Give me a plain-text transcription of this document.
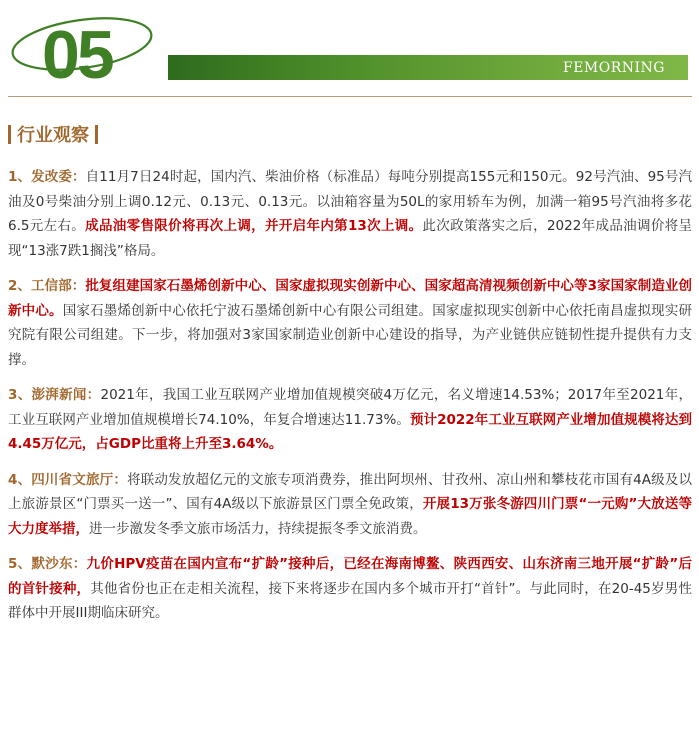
05	FEMORNING
行业观察

1、发改委：自11月7日24时起，国内汽、柴油价格（标准品）每吨分别提高155元和150元。92号汽油、95号汽油及0号柴油分别上调0.12元、0.13元、0.13元。以油箱容量为50L的家用轿车为例，加满一箱95号汽油将多花6.5元左右。成品油零售限价将再次上调，并开启年内第13次上调。此次政策落实之后，2022年成品油调价将呈现“13涨7跌1搁浅”格局。

2、工信部：批复组建国家石墨烯创新中心、国家虚拟现实创新中心、国家超高清视频创新中心等3家国家制造业创新中心。国家石墨烯创新中心依托宁波石墨烯创新中心有限公司组建。国家虚拟现实创新中心依托南昌虚拟现实研究院有限公司组建。下一步，将加强对3家国家制造业创新中心建设的指导，为产业链供应链韧性提升提供有力支撑。

3、澎湃新闻：2021年，我国工业互联网产业增加值规模突破4万亿元，名义增速14.53%；2017年至2021年，工业互联网产业增加值规模增长74.10%，年复合增速达11.73%。预计2022年工业互联网产业增加值规模将达到4.45万亿元，占GDP比重将上升至3.64%。

4、四川省文旅厅：将联动发放超亿元的文旅专项消费券，推出阿坝州、甘孜州、凉山州和攀枝花市国有4A级及以上旅游景区“门票买一送一”、国有4A级以下旅游景区门票全免政策，开展13万张冬游四川门票“一元购”大放送等大力度举措，进一步激发冬季文旅市场活力，持续提振冬季文旅消费。

5、默沙东：九价HPV疫苗在国内宣布“扩龄”接种后，已经在海南博鳌、陕西西安、山东济南三地开展“扩龄”后的首针接种，其他省份也正在走相关流程，接下来将逐步在国内多个城市开打“首针”。与此同时，在20-45岁男性群体中开展III期临床研究。
